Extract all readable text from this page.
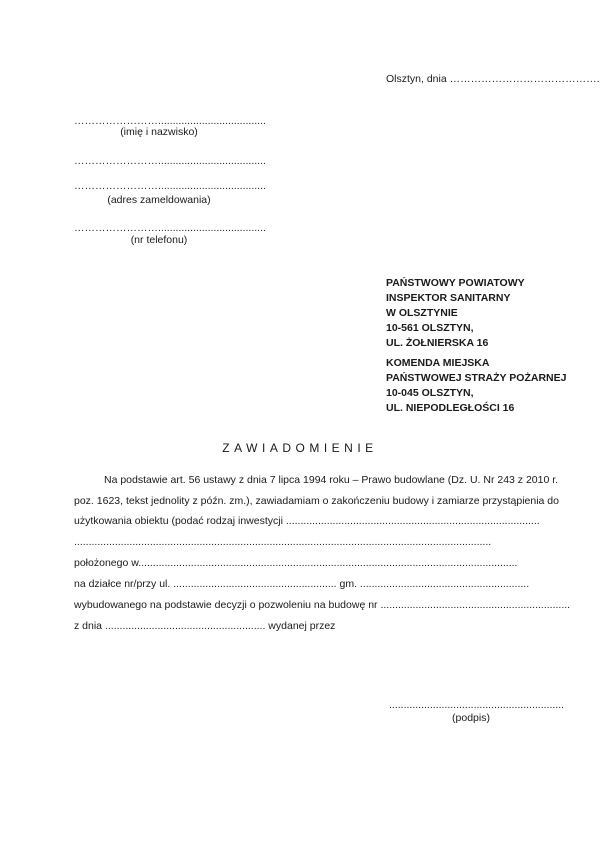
Olsztyn, dnia …………………………………….
…………………….....................................
(imię i nazwisko)
…………………….....................................
…………………….....................................
(adres zameldowania)
…………………….....................................
(nr telefonu)
PAŃSTWOWY POWIATOWY
INSPEKTOR SANITARNY
W OLSZTYNIE
10-561 OLSZTYN,
UL. ŻOŁNIERSKA 16
KOMENDA MIEJSKA
PAŃSTWOWEJ STRAŻY POŻARNEJ
10-045 OLSZTYN,
UL. NIEPODLEGŁOŚCI 16
ZAWIADOMIENIE
Na podstawie art. 56 ustawy z dnia 7 lipca 1994 roku – Prawo budowlane (Dz. U. Nr 243 z 2010 r.
poz. 1623, tekst jednolity z późn. zm.), zawiadamiam o zakończeniu budowy i zamiarze przystąpienia do
użytkowania obiektu (podać rodzaj inwestycji .......................................................................................
...............................................................................................................................................
położonego w..................................................................................................................................
na działce nr/przy ul. ........................................................ gm. ..........................................................
wybudowanego na podstawie decyzji o pozwoleniu na budowę nr .................................................................
z dnia ....................................................... wydanej przez
............................................................
(podpis)
